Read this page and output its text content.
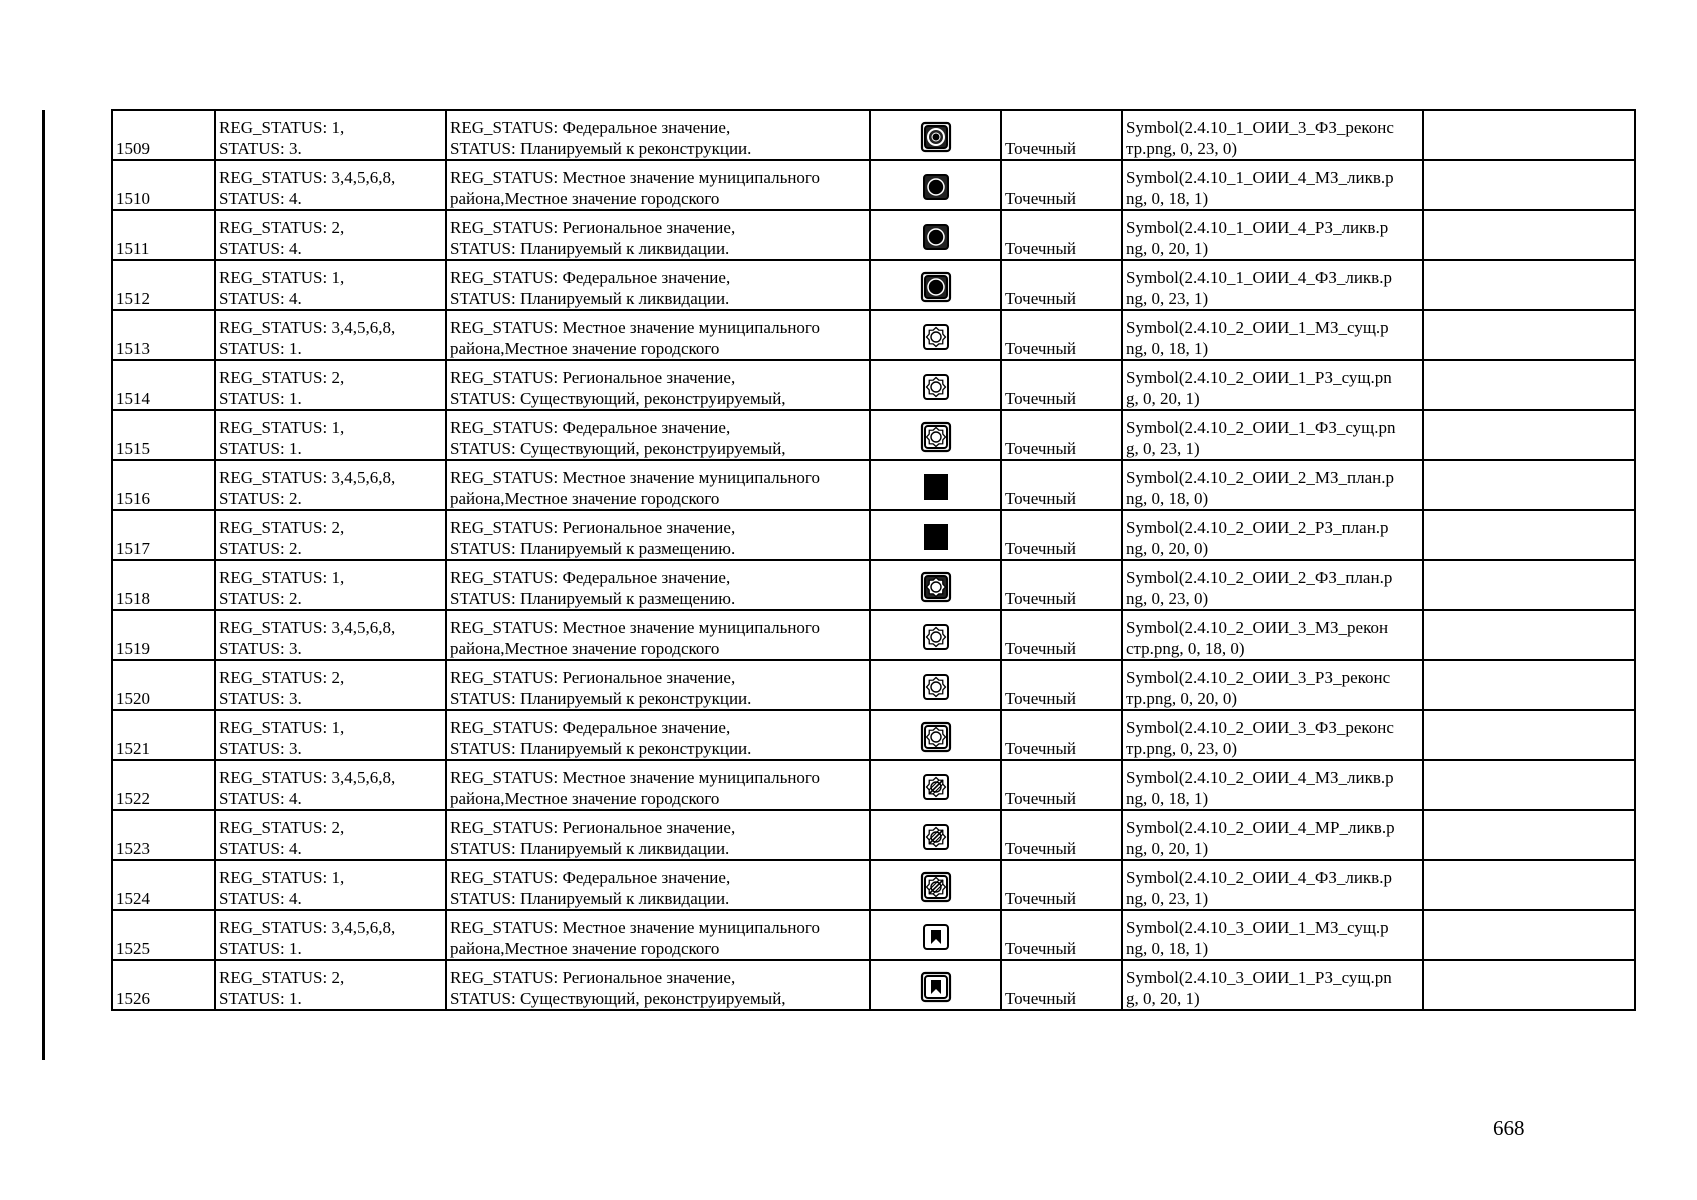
1509	REG_STATUS: 1,
STATUS: 3.	REG_STATUS: Федеральное значение,
STATUS: Планируемый к реконструкции.		Точечный	Symbol(2.4.10_1_ОИИ_3_ФЗ_реконс
тр.png, 0, 23, 0)	

1510	REG_STATUS: 3,4,5,6,8,
STATUS: 4.	REG_STATUS: Местное значение муниципального
района,Местное значение городского		Точечный	Symbol(2.4.10_1_ОИИ_4_МЗ_ликв.p
ng, 0, 18, 1)	

1511	REG_STATUS: 2,
STATUS: 4.	REG_STATUS: Региональное значение,
STATUS: Планируемый к ликвидации.		Точечный	Symbol(2.4.10_1_ОИИ_4_РЗ_ликв.p
ng, 0, 20, 1)	

1512	REG_STATUS: 1,
STATUS: 4.	REG_STATUS: Федеральное значение,
STATUS: Планируемый к ликвидации.		Точечный	Symbol(2.4.10_1_ОИИ_4_ФЗ_ликв.p
ng, 0, 23, 1)	

1513	REG_STATUS: 3,4,5,6,8,
STATUS: 1.	REG_STATUS: Местное значение муниципального
района,Местное значение городского		Точечный	Symbol(2.4.10_2_ОИИ_1_МЗ_сущ.p
ng, 0, 18, 1)	

1514	REG_STATUS: 2,
STATUS: 1.	REG_STATUS: Региональное значение,
STATUS: Существующий, реконструируемый,		Точечный	Symbol(2.4.10_2_ОИИ_1_РЗ_сущ.pn
g, 0, 20, 1)	

1515	REG_STATUS: 1,
STATUS: 1.	REG_STATUS: Федеральное значение,
STATUS: Существующий, реконструируемый,		Точечный	Symbol(2.4.10_2_ОИИ_1_ФЗ_сущ.pn
g, 0, 23, 1)	

1516	REG_STATUS: 3,4,5,6,8,
STATUS: 2.	REG_STATUS: Местное значение муниципального
района,Местное значение городского		Точечный	Symbol(2.4.10_2_ОИИ_2_МЗ_план.p
ng, 0, 18, 0)	

1517	REG_STATUS: 2,
STATUS: 2.	REG_STATUS: Региональное значение,
STATUS: Планируемый к размещению.		Точечный	Symbol(2.4.10_2_ОИИ_2_РЗ_план.p
ng, 0, 20, 0)	

1518	REG_STATUS: 1,
STATUS: 2.	REG_STATUS: Федеральное значение,
STATUS: Планируемый к размещению.		Точечный	Symbol(2.4.10_2_ОИИ_2_ФЗ_план.p
ng, 0, 23, 0)	

1519	REG_STATUS: 3,4,5,6,8,
STATUS: 3.	REG_STATUS: Местное значение муниципального
района,Местное значение городского		Точечный	Symbol(2.4.10_2_ОИИ_3_МЗ_рекон
стр.png, 0, 18, 0)	

1520	REG_STATUS: 2,
STATUS: 3.	REG_STATUS: Региональное значение,
STATUS: Планируемый к реконструкции.		Точечный	Symbol(2.4.10_2_ОИИ_3_РЗ_реконс
тр.png, 0, 20, 0)	

1521	REG_STATUS: 1,
STATUS: 3.	REG_STATUS: Федеральное значение,
STATUS: Планируемый к реконструкции.		Точечный	Symbol(2.4.10_2_ОИИ_3_ФЗ_реконс
тр.png, 0, 23, 0)	

1522	REG_STATUS: 3,4,5,6,8,
STATUS: 4.	REG_STATUS: Местное значение муниципального
района,Местное значение городского		Точечный	Symbol(2.4.10_2_ОИИ_4_МЗ_ликв.p
ng, 0, 18, 1)	

1523	REG_STATUS: 2,
STATUS: 4.	REG_STATUS: Региональное значение,
STATUS: Планируемый к ликвидации.		Точечный	Symbol(2.4.10_2_ОИИ_4_МР_ликв.p
ng, 0, 20, 1)	

1524	REG_STATUS: 1,
STATUS: 4.	REG_STATUS: Федеральное значение,
STATUS: Планируемый к ликвидации.		Точечный	Symbol(2.4.10_2_ОИИ_4_ФЗ_ликв.p
ng, 0, 23, 1)	

1525	REG_STATUS: 3,4,5,6,8,
STATUS: 1.	REG_STATUS: Местное значение муниципального
района,Местное значение городского		Точечный	Symbol(2.4.10_3_ОИИ_1_МЗ_сущ.p
ng, 0, 18, 1)	

1526	REG_STATUS: 2,
STATUS: 1.	REG_STATUS: Региональное значение,
STATUS: Существующий, реконструируемый,		Точечный	Symbol(2.4.10_3_ОИИ_1_РЗ_сущ.pn
g, 0, 20, 1)	

668
